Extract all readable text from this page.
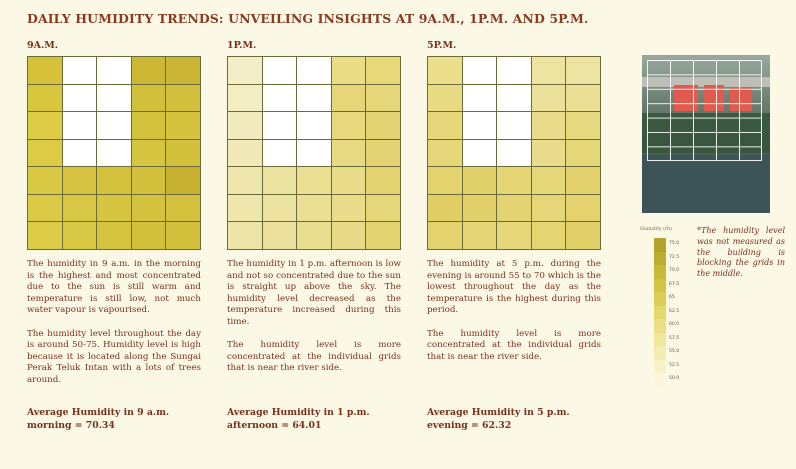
DAILY HUMIDITY TRENDS: UNVEILING INSIGHTS AT 9A.M., 1P.M. AND 5P.M.
9A.M.

The humidity in 9 a.m. in the morning is the highest and most concentrated due to the sun is still warm and temperature is still low, not much water vapour is vapourised.

The humidity level throughout the day is around 50-75. Humidity level is high because it is located along the Sungai Perak Teluk Intan with a lots of trees around.

1P.M.

The humidity in 1 p.m. afternoon is low and not so concentrated due to the sun is straight up above the sky. The humidity level decreased as the temperature increased during this time.

The humidity level is more concentrated at the individual grids that is near the river side.

5P.M.

The humidity at 5 p.m. during the evening is around 55 to 70 which is the lowest throughout the day as the temperature is the highest during this period.

The humidity level is more concentrated at the individual grids that is near the river side.

Average Humidity in 9 a.m. morning = 70.34
Average Humidity in 1 p.m. afternoon = 64.01
Average Humidity in 5 p.m. evening = 62.32
Humidity (rh)
75.0
72.5
70.0
67.5
65
62.5
60.0
57.5
55.0
52.5
50.0
*The humidity level was not measured as the building is blocking the grids in the middle.
